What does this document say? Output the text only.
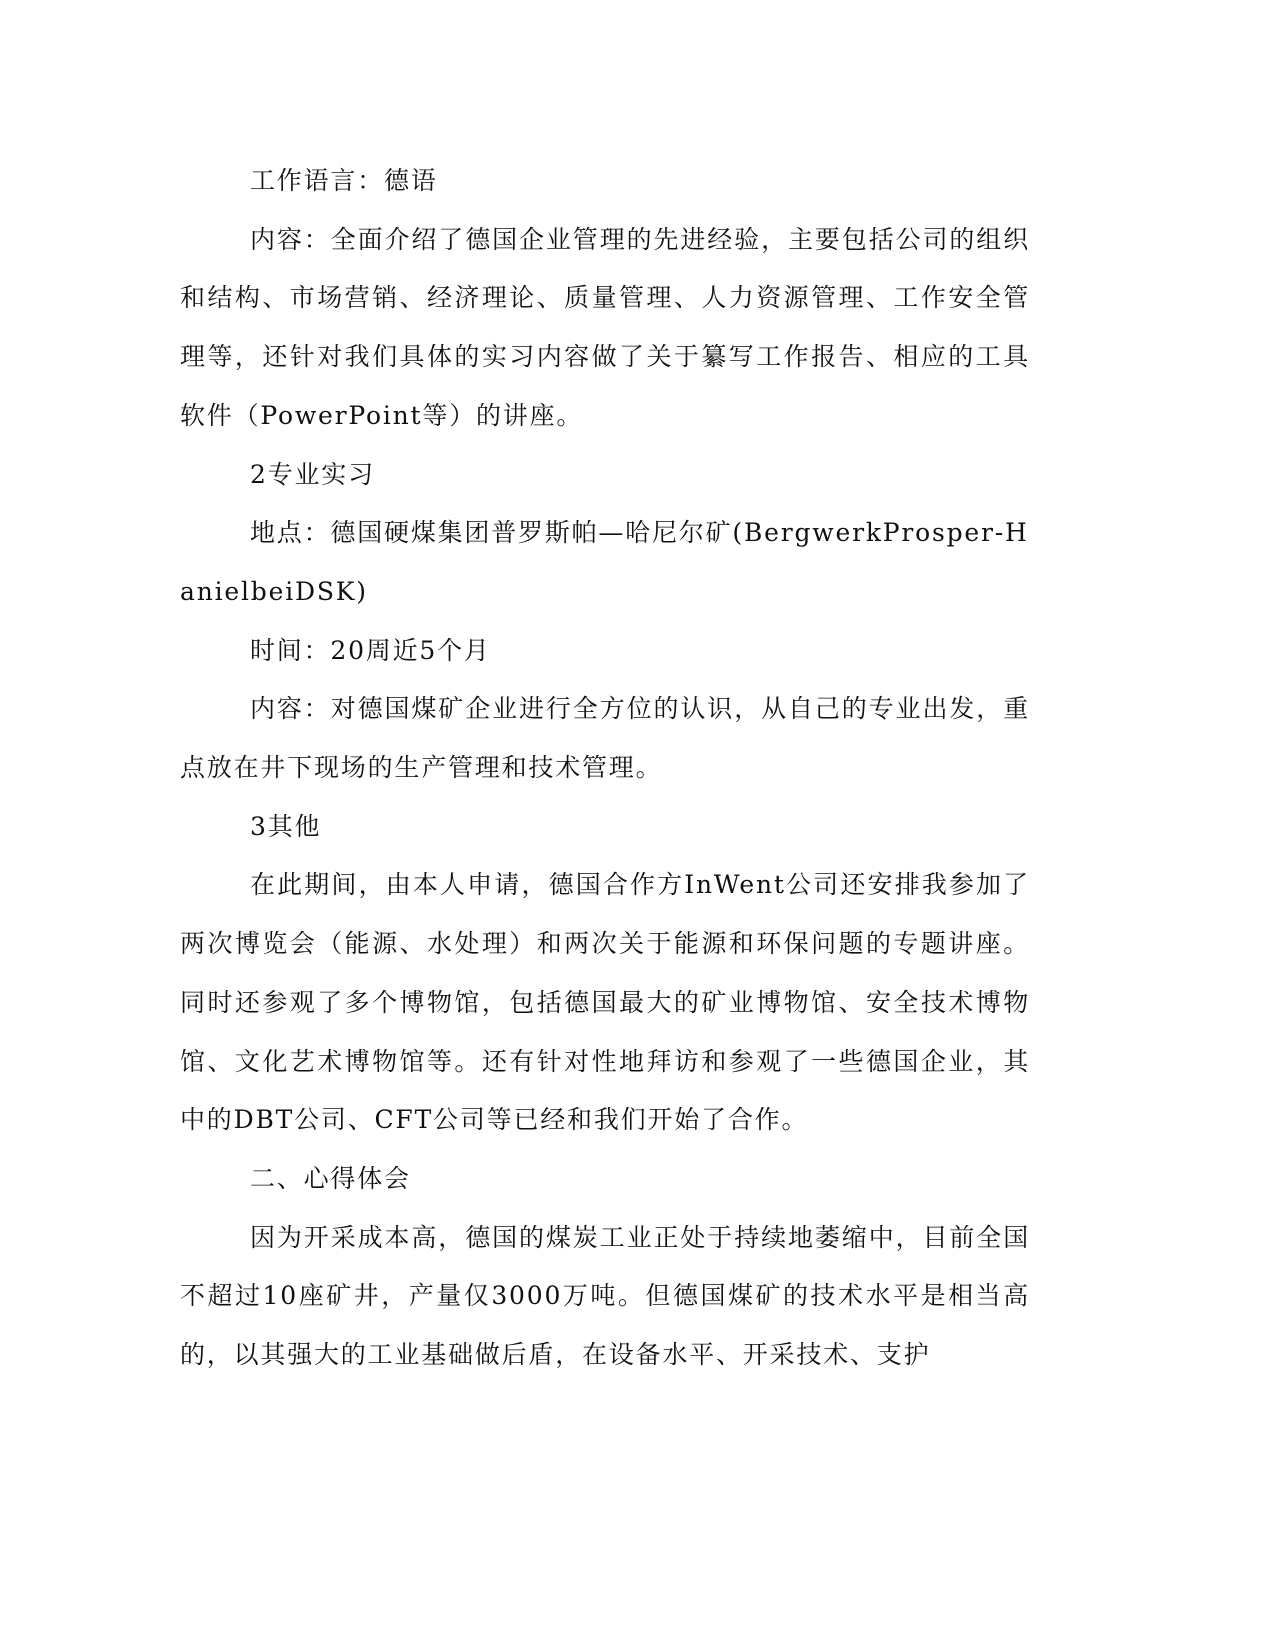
工作语言：德语

内容：全面介绍了德国企业管理的先进经验，主要包括公司的组织和结构、市场营销、经济理论、质量管理、人力资源管理、工作安全管理等，还针对我们具体的实习内容做了关于纂写工作报告、相应的工具软件（PowerPoint等）的讲座。

2专业实习

地点：德国硬煤集团普罗斯帕—哈尼尔矿(BergwerkProsper-HanielbeiDSK)

时间：20周近5个月

内容：对德国煤矿企业进行全方位的认识，从自己的专业出发，重点放在井下现场的生产管理和技术管理。

3其他

在此期间，由本人申请，德国合作方InWent公司还安排我参加了两次博览会（能源、水处理）和两次关于能源和环保问题的专题讲座。同时还参观了多个博物馆，包括德国最大的矿业博物馆、安全技术博物馆、文化艺术博物馆等。还有针对性地拜访和参观了一些德国企业，其中的DBT公司、CFT公司等已经和我们开始了合作。

二、心得体会

因为开采成本高，德国的煤炭工业正处于持续地萎缩中，目前全国不超过10座矿井，产量仅3000万吨。但德国煤矿的技术水平是相当高的，以其强大的工业基础做后盾，在设备水平、开采技术、支护
